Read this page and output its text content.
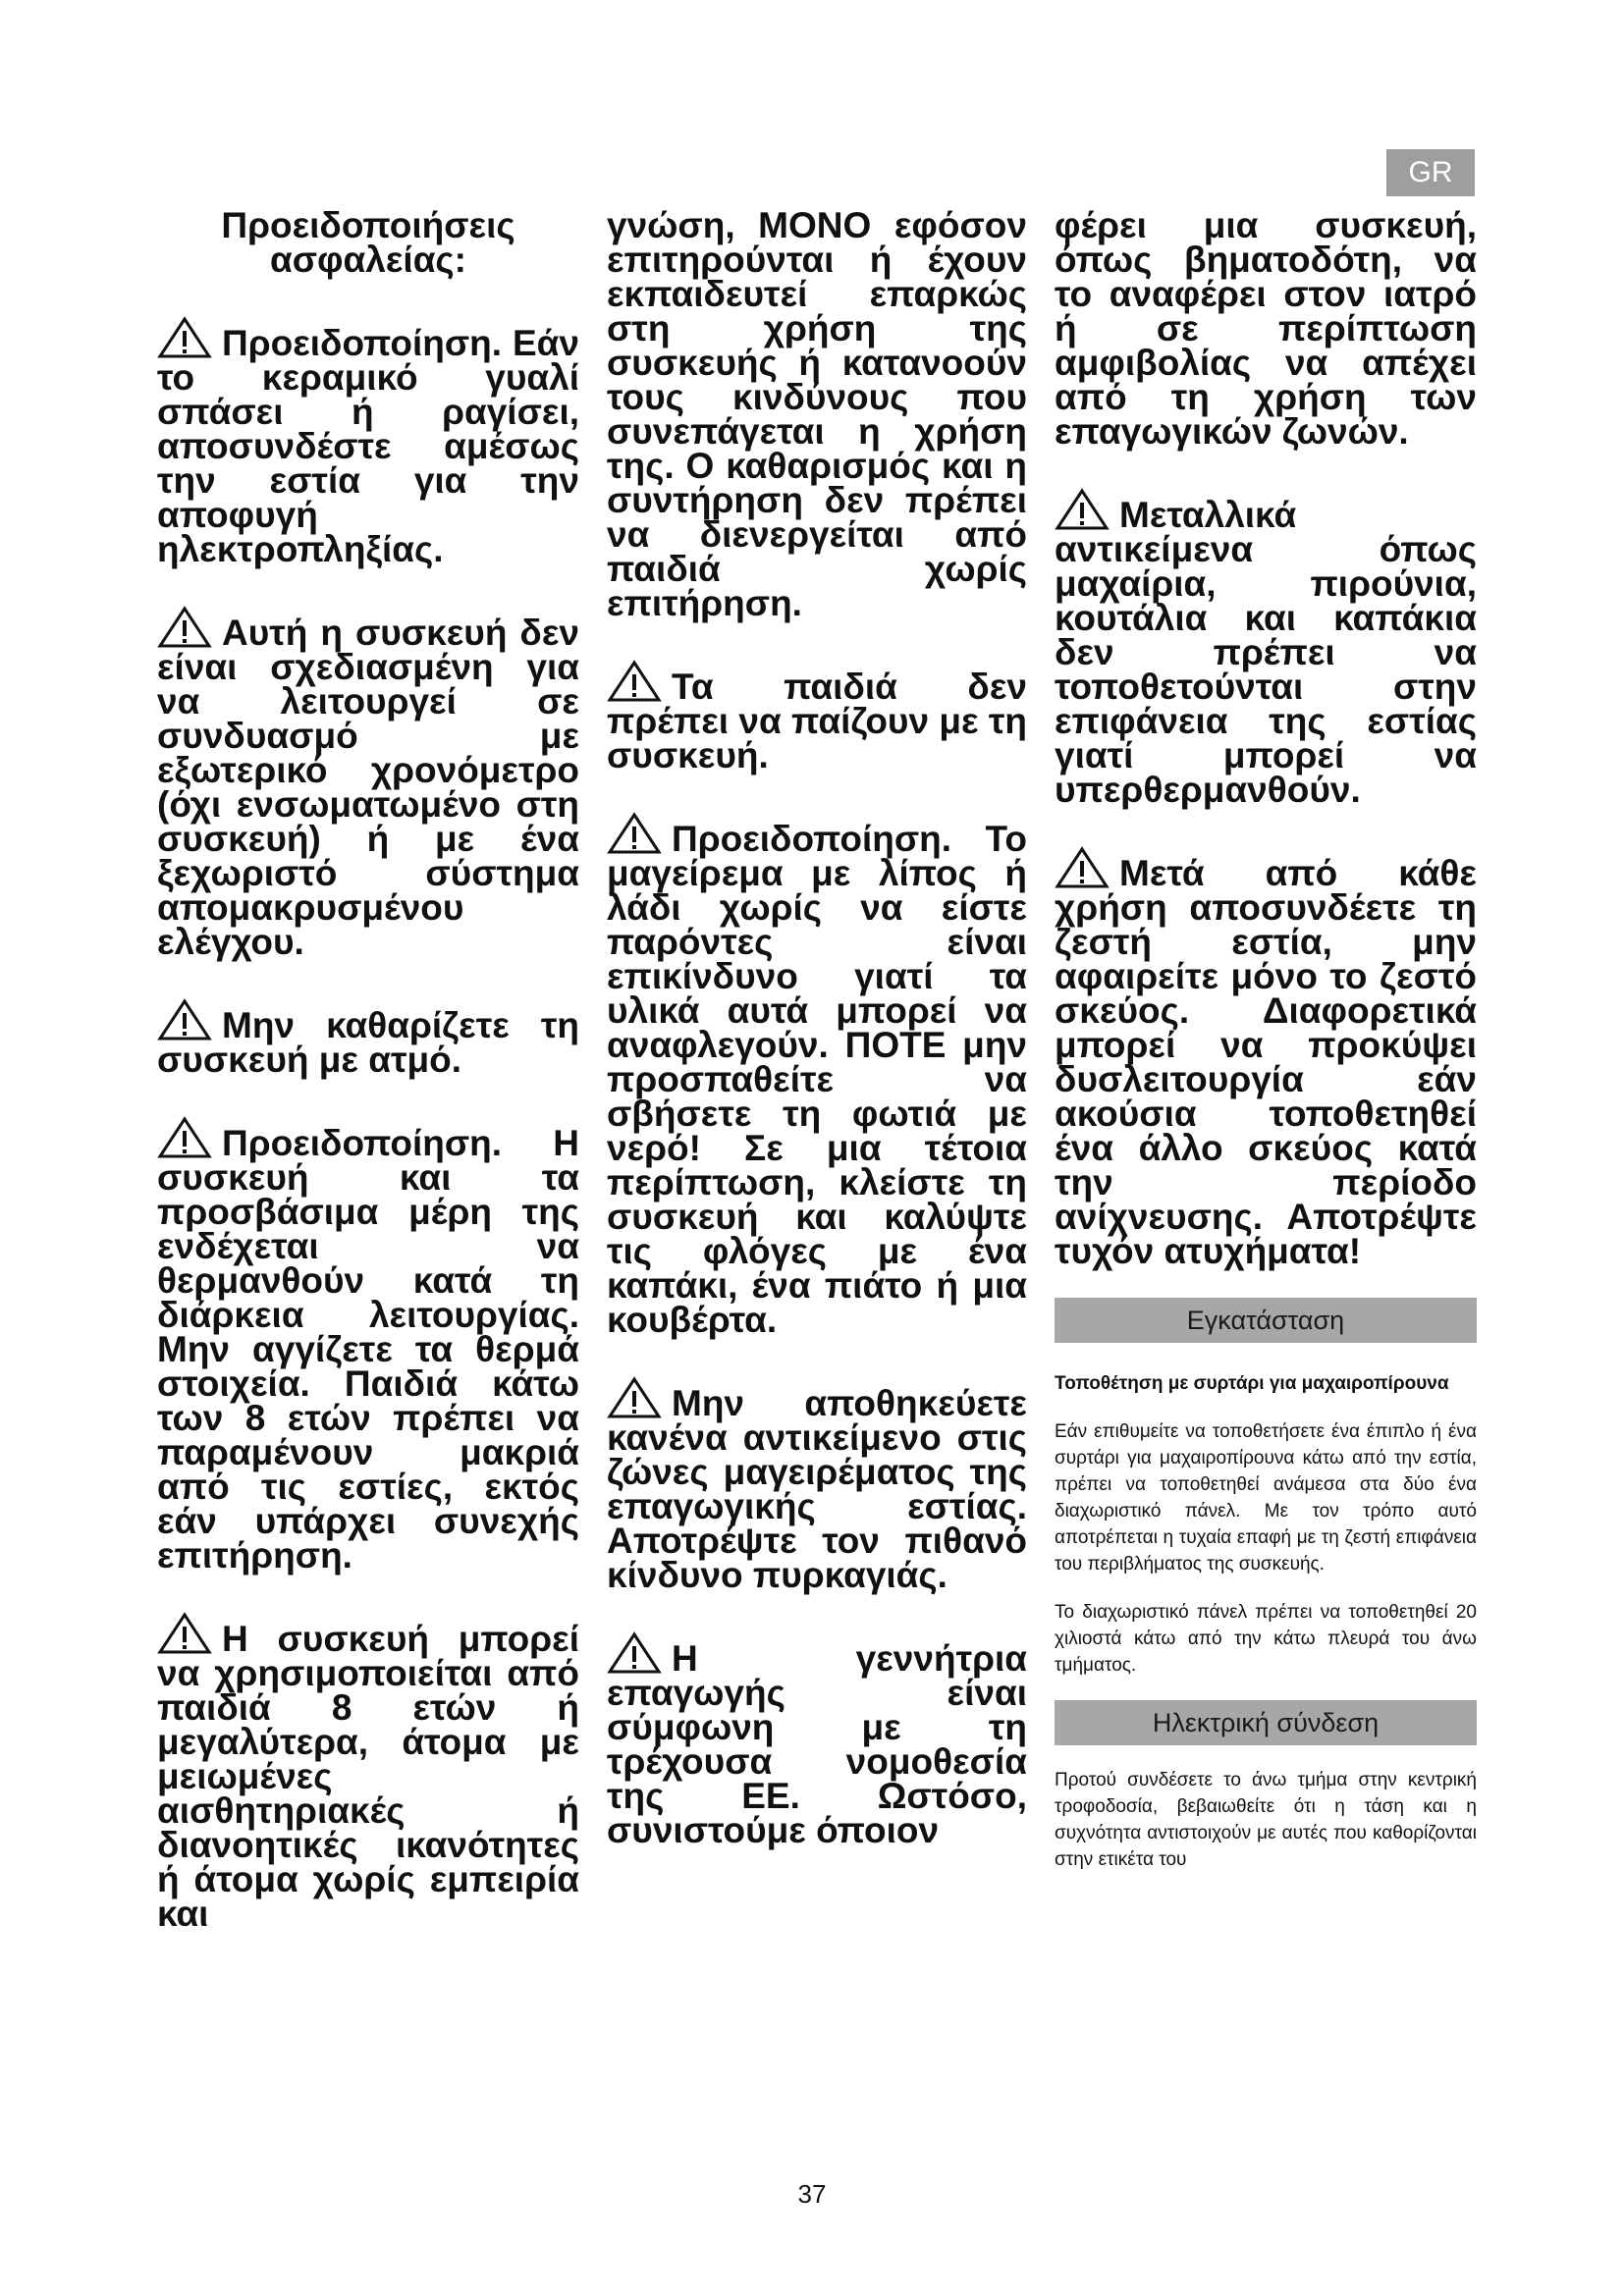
GR

Προειδοποιήσεις ασφαλείας:

Προειδοποίηση. Εάν το κεραμικό γυαλί σπάσει ή ραγίσει, αποσυνδέστε αμέσως την εστία για την αποφυγή ηλεκτροπληξίας.

Αυτή η συσκευή δεν είναι σχεδιασμένη για να λειτουργεί σε συνδυασμό με εξωτερικό χρονόμετρο (όχι ενσωματωμένο στη συσκευή) ή με ένα ξεχωριστό σύστημα απομακρυσμένου ελέγχου.

Μην καθαρίζετε τη συσκευή με ατμό.

Προειδοποίηση. Η συσκευή και τα προσβάσιμα μέρη της ενδέχεται να θερμανθούν κατά τη διάρκεια λειτουργίας. Μην αγγίζετε τα θερμά στοιχεία. Παιδιά κάτω των 8 ετών πρέπει να παραμένουν μακριά από τις εστίες, εκτός εάν υπάρχει συνεχής επιτήρηση.

Η συσκευή μπορεί να χρησιμοποιείται από παιδιά 8 ετών ή μεγαλύτερα, άτομα με μειωμένες αισθητηριακές ή διανοητικές ικανότητες ή άτομα χωρίς εμπειρία και

γνώση, ΜΟΝΟ εφόσον επιτηρούνται ή έχουν εκπαιδευτεί επαρκώς στη χρήση της συσκευής ή κατανοούν τους κινδύνους που συνεπάγεται η χρήση της. Ο καθαρισμός και η συντήρηση δεν πρέπει να διενεργείται από παιδιά χωρίς επιτήρηση.

Τα παιδιά δεν πρέπει να παίζουν με τη συσκευή.

Προειδοποίηση. Το μαγείρεμα με λίπος ή λάδι χωρίς να είστε παρόντες είναι επικίνδυνο γιατί τα υλικά αυτά μπορεί να αναφλεγούν. ΠΟΤΕ μην προσπαθείτε να σβήσετε τη φωτιά με νερό! Σε μια τέτοια περίπτωση, κλείστε τη συσκευή και καλύψτε τις φλόγες με ένα καπάκι, ένα πιάτο ή μια κουβέρτα.

Μην αποθηκεύετε κανένα αντικείμενο στις ζώνες μαγειρέματος της επαγωγικής εστίας. Αποτρέψτε τον πιθανό κίνδυνο πυρκαγιάς.

Η γεννήτρια επαγωγής είναι σύμφωνη με τη τρέχουσα νομοθεσία της ΕΕ. Ωστόσο, συνιστούμε όποιον

φέρει μια συσκευή, όπως βηματοδότη, να το αναφέρει στον ιατρό ή σε περίπτωση αμφιβολίας να απέχει από τη χρήση των επαγωγικών ζωνών.

Μεταλλικά αντικείμενα όπως μαχαίρια, πιρούνια, κουτάλια και καπάκια δεν πρέπει να τοποθετούνται στην επιφάνεια της εστίας γιατί μπορεί να υπερθερμανθούν.

Μετά από κάθε χρήση αποσυνδέετε τη ζεστή εστία, μην αφαιρείτε μόνο το ζεστό σκεύος. Διαφορετικά μπορεί να προκύψει δυσλειτουργία εάν ακούσια τοποθετηθεί ένα άλλο σκεύος κατά την περίοδο ανίχνευσης. Αποτρέψτε τυχόν ατυχήματα!

Εγκατάσταση

Τοποθέτηση με συρτάρι για μαχαιροπίρουνα

Εάν επιθυμείτε να τοποθετήσετε ένα έπιπλο ή ένα συρτάρι για μαχαιροπίρουνα κάτω από την εστία, πρέπει να τοποθετηθεί ανάμεσα στα δύο ένα διαχωριστικό πάνελ. Με τον τρόπο αυτό αποτρέπεται η τυχαία επαφή με τη ζεστή επιφάνεια του περιβλήματος της συσκευής.

Το διαχωριστικό πάνελ πρέπει να τοποθετηθεί 20 χιλιοστά κάτω από την κάτω πλευρά του άνω τμήματος.

Ηλεκτρική σύνδεση

Προτού συνδέσετε το άνω τμήμα στην κεντρική τροφοδοσία, βεβαιωθείτε ότι η τάση και η συχνότητα αντιστοιχούν με αυτές που καθορίζονται στην ετικέτα του

37
